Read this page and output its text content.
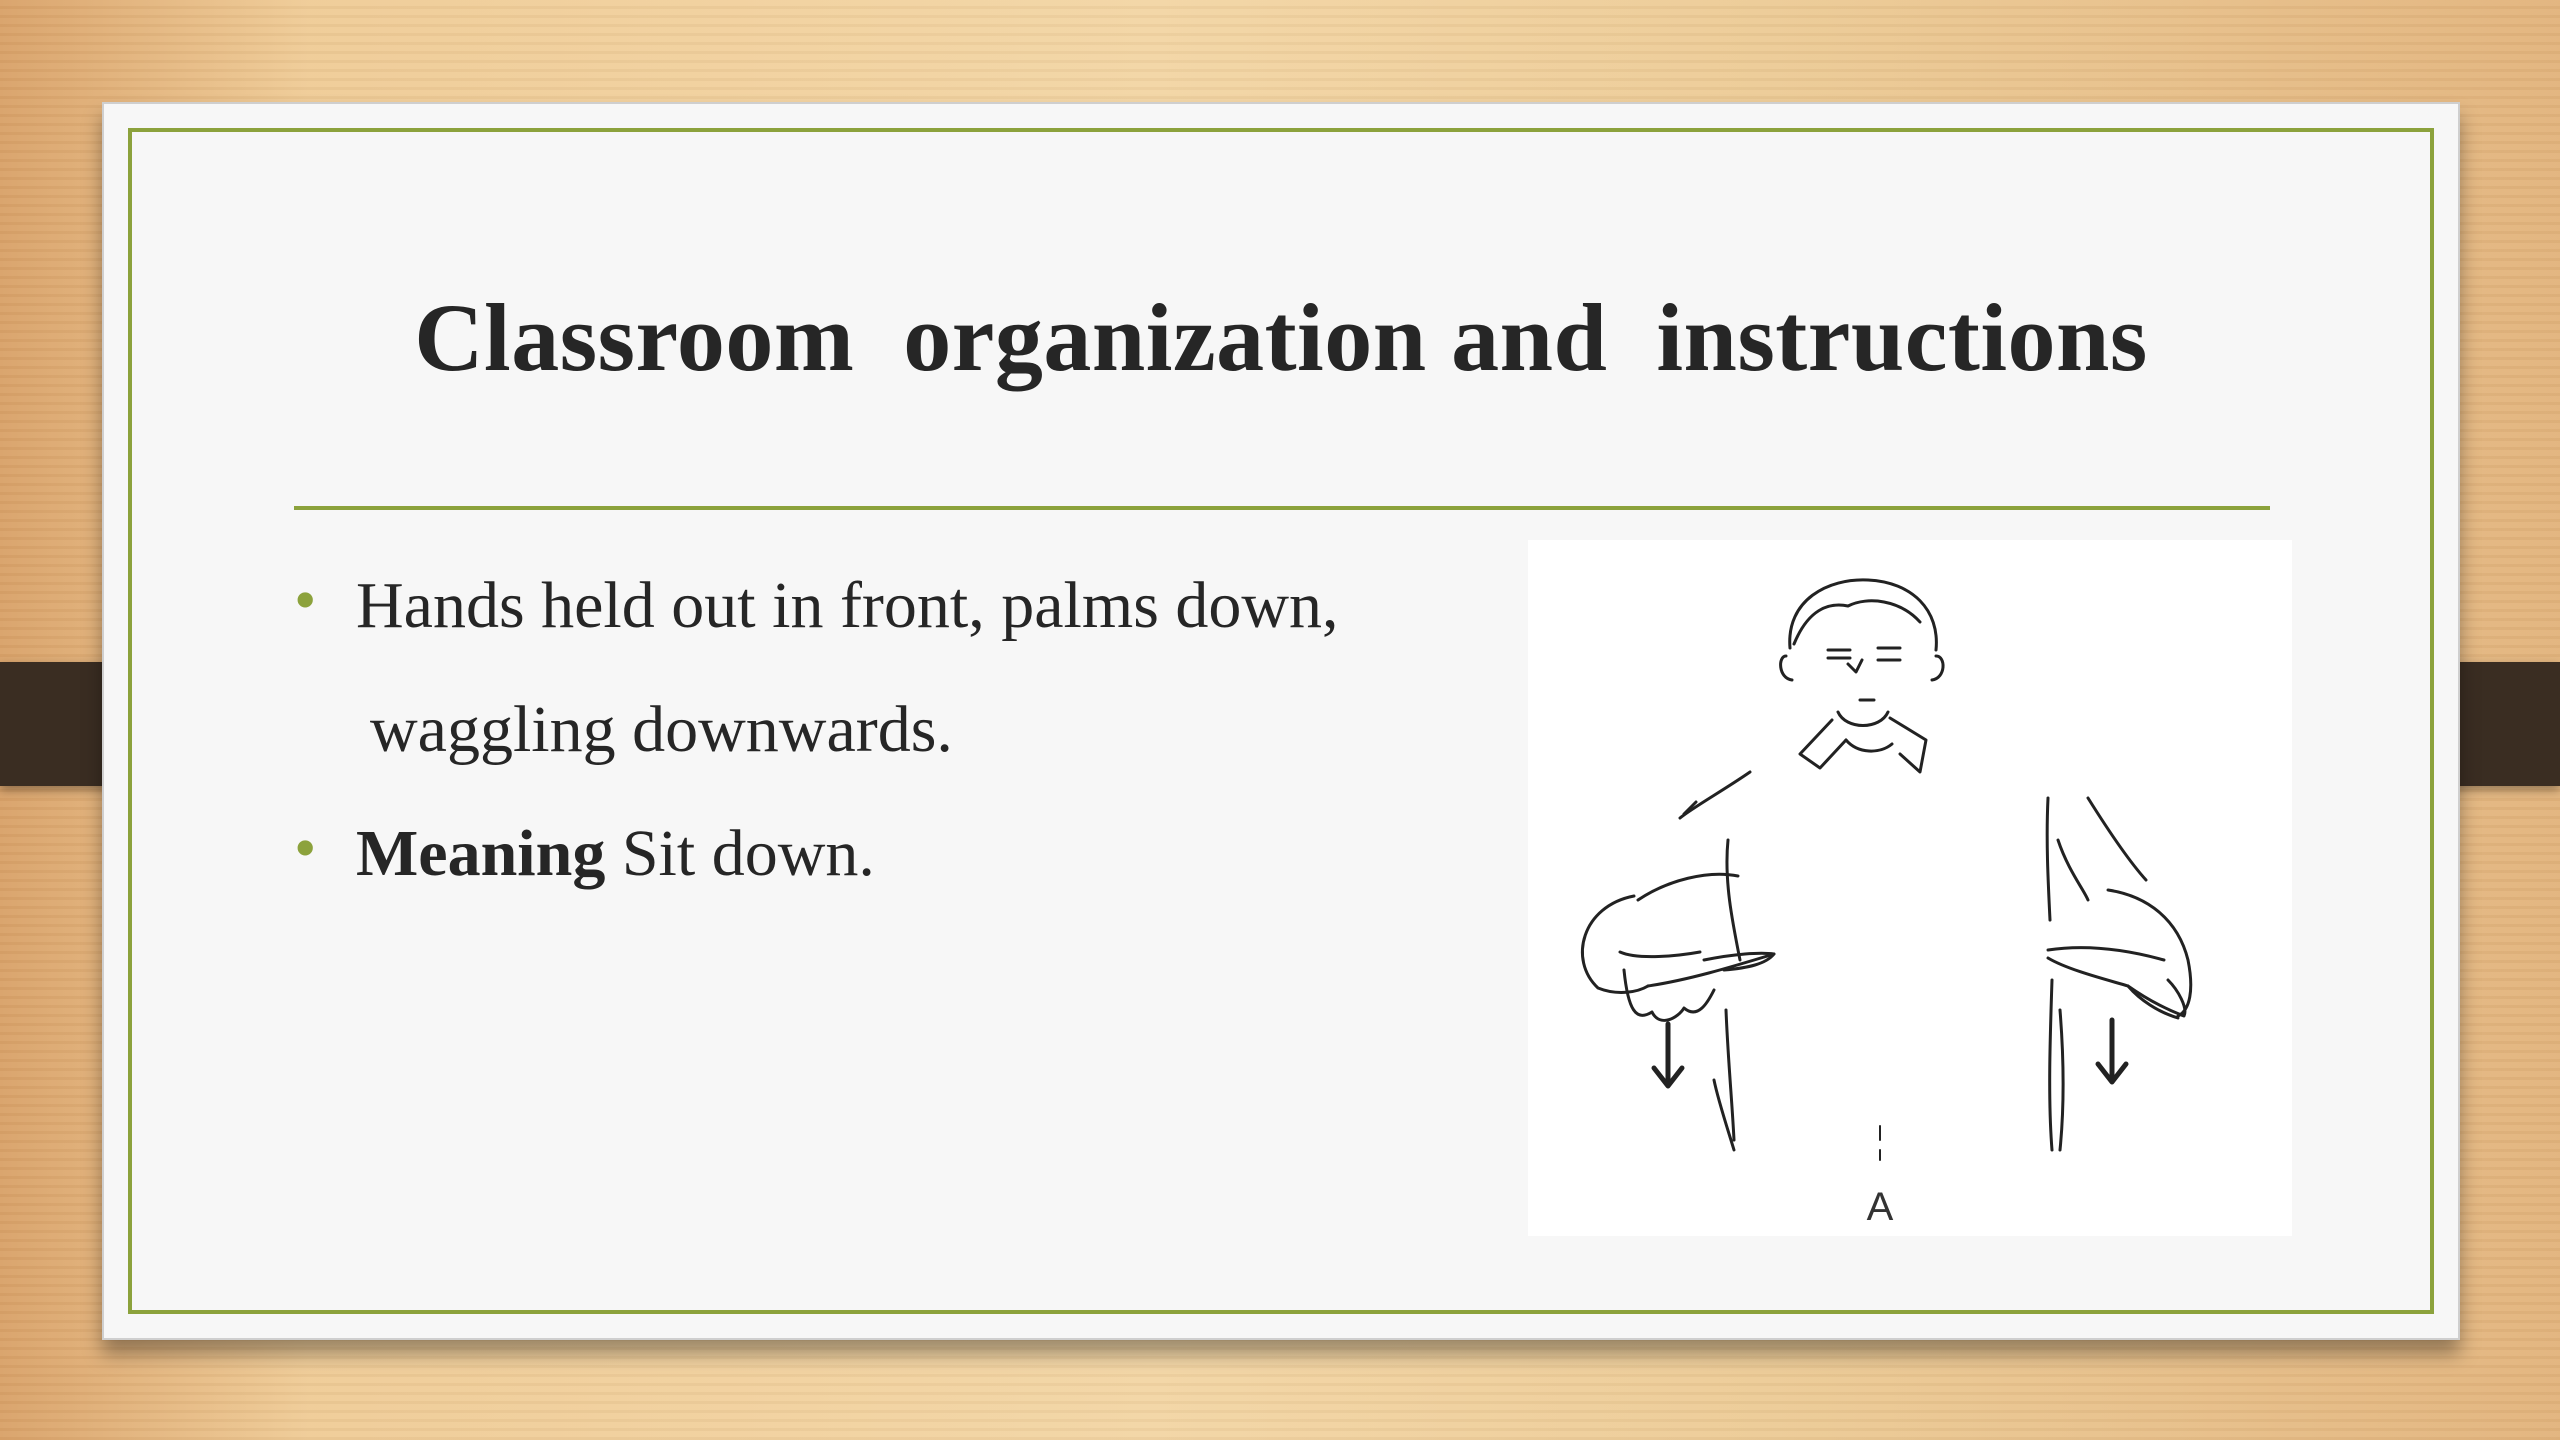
Classroom  organization and  instructions
• Hands held out in front, palms down,
waggling downwards.
• Meaning Sit down.
A
